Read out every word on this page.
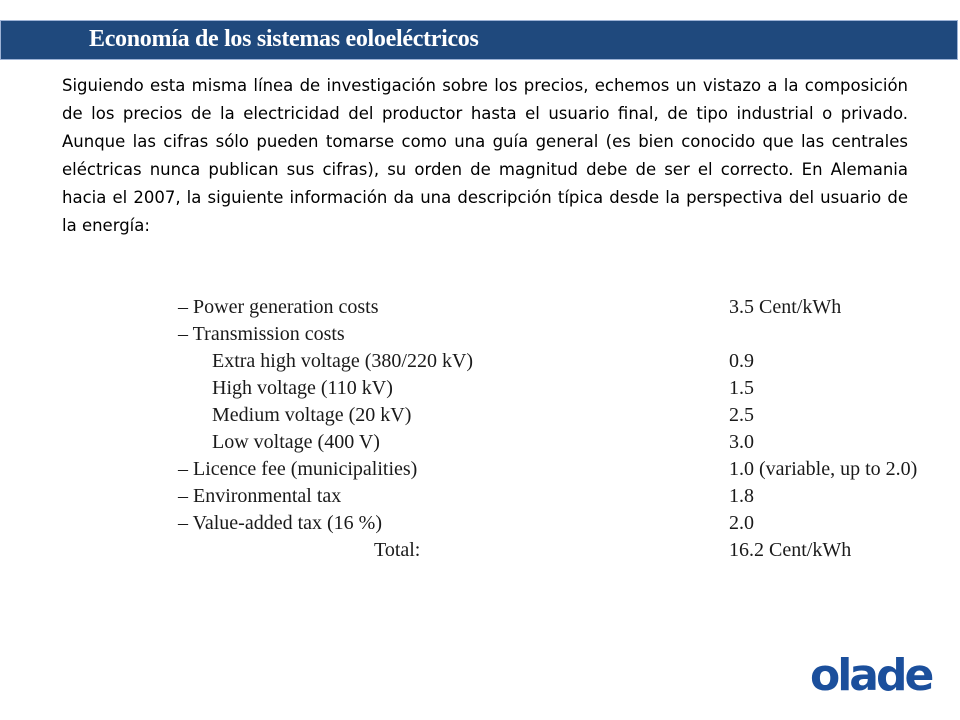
Economía de los sistemas eoloeléctricos

Siguiendo esta misma línea de investigación sobre los precios, echemos un vistazo a la composición de los precios de la electricidad del productor hasta el usuario final, de tipo industrial o privado. Aunque las cifras sólo pueden tomarse como una guía general (es bien conocido que las centrales eléctricas nunca publican sus cifras), su orden de magnitud debe de ser el correcto. En Alemania hacia el 2007, la siguiente información da una descripción típica desde la perspectiva del usuario de la energía:

– Power generation costs	3.5 Cent/kWh
– Transmission costs	
Extra high voltage (380/220 kV)	0.9
High voltage (110 kV)	1.5
Medium voltage (20 kV)	2.5
Low voltage (400 V)	3.0
– Licence fee (municipalities)	1.0 (variable, up to 2.0)
– Environmental tax	1.8
– Value-added tax (16 %)	2.0
Total:	16.2 Cent/kWh
olade
